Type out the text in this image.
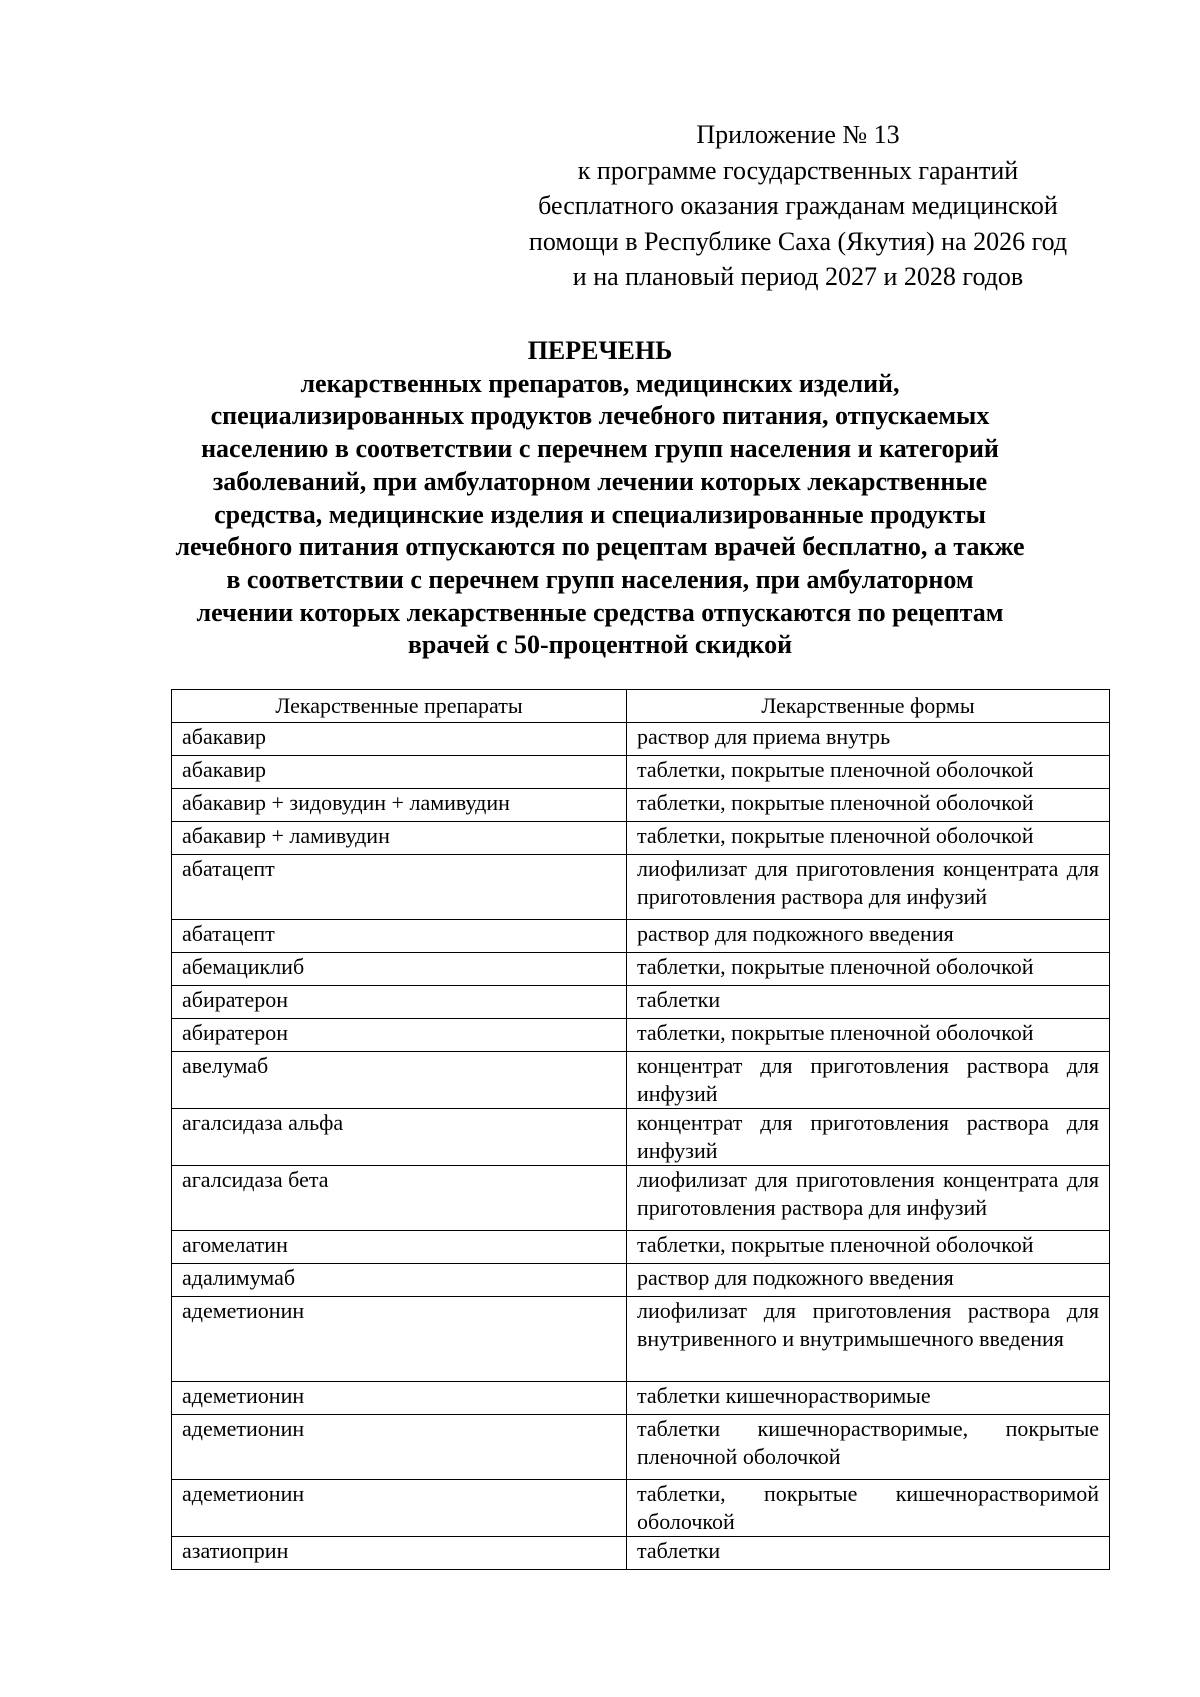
Приложение № 13
к программе государственных гарантий
бесплатного оказания гражданам медицинской
помощи в Республике Саха (Якутия) на 2026 год
и на плановый период 2027 и 2028 годов
ПЕРЕЧЕНЬ
лекарственных препаратов, медицинских изделий,
специализированных продуктов лечебного питания, отпускаемых
населению в соответствии с перечнем групп населения и категорий
заболеваний, при амбулаторном лечении которых лекарственные
средства, медицинские изделия и специализированные продукты
лечебного питания отпускаются по рецептам врачей бесплатно, а также
в соответствии с перечнем групп населения, при амбулаторном
лечении которых лекарственные средства отпускаются по рецептам
врачей с 50-процентной скидкой
Лекарственные препараты	Лекарственные формы
абакавир	раствор для приема внутрь
абакавир	таблетки, покрытые пленочной оболочкой
абакавир + зидовудин + ламивудин	таблетки, покрытые пленочной оболочкой
абакавир + ламивудин	таблетки, покрытые пленочной оболочкой
абатацепт	лиофилизат для приготовления концентрата для приготовления раствора для инфузий
абатацепт	раствор для подкожного введения
абемациклиб	таблетки, покрытые пленочной оболочкой
абиратерон	таблетки
абиратерон	таблетки, покрытые пленочной оболочкой
авелумаб	концентрат для приготовления раствора для инфузий
агалсидаза альфа	концентрат для приготовления раствора для инфузий
агалсидаза бета	лиофилизат для приготовления концентрата для приготовления раствора для инфузий
агомелатин	таблетки, покрытые пленочной оболочкой
адалимумаб	раствор для подкожного введения
адеметионин	лиофилизат для приготовления раствора для внутривенного и внутримышечного введения
адеметионин	таблетки кишечнорастворимые
адеметионин	таблетки кишечнорастворимые, покрытые пленочной оболочкой
адеметионин	таблетки, покрытые кишечнорастворимой оболочкой
азатиоприн	таблетки
